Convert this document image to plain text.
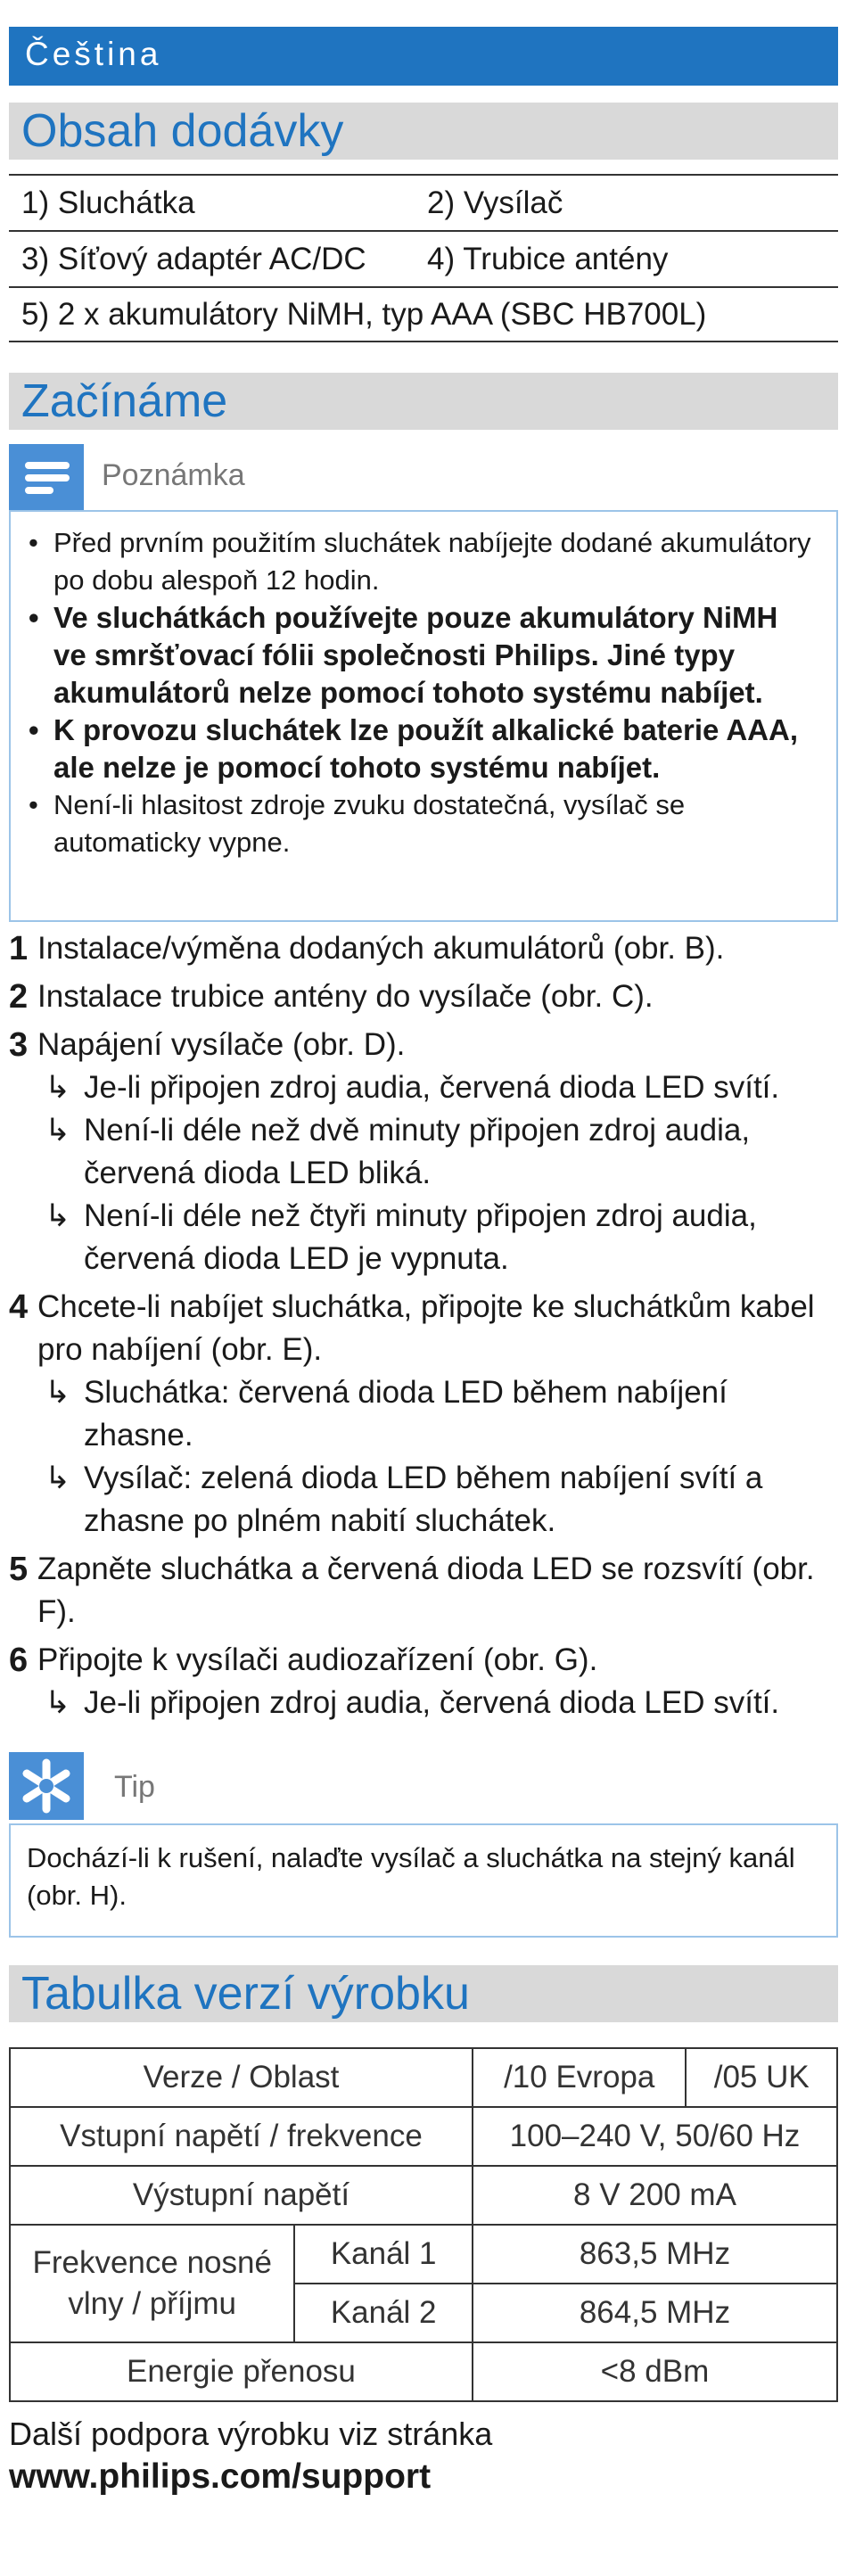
Čeština
Obsah dodávky
1) Sluchátka	2) Vysílač
3) Síťový adaptér AC/DC	4) Trubice antény
5) 2 x akumulátory NiMH, typ AAA (SBC HB700L)
Začínáme
Poznámka
• Před prvním použitím sluchátek nabíjejte dodané akumulátory po dobu alespoň 12 hodin.
• Ve sluchátkách používejte pouze akumulátory NiMH ve smršťovací fólii společnosti Philips. Jiné typy akumulátorů nelze pomocí tohoto systému nabíjet.
• K provozu sluchátek lze použít alkalické baterie AAA, ale nelze je pomocí tohoto systému nabíjet.
• Není-li hlasitost zdroje zvuku dostatečná, vysílač se automaticky vypne.
1 Instalace/výměna dodaných akumulátorů (obr. B).
2 Instalace trubice antény do vysílače (obr. C).
3 Napájení vysílače (obr. D).
↳ Je-li připojen zdroj audia, červená dioda LED svítí.
↳ Není-li déle než dvě minuty připojen zdroj audia, červená dioda LED bliká.
↳ Není-li déle než čtyři minuty připojen zdroj audia, červená dioda LED je vypnuta.
4 Chcete-li nabíjet sluchátka, připojte ke sluchátkům kabel pro nabíjení (obr. E).
↳ Sluchátka: červená dioda LED během nabíjení zhasne.
↳ Vysílač: zelená dioda LED během nabíjení svítí a zhasne po plném nabití sluchátek.
5 Zapněte sluchátka a červená dioda LED se rozsvítí (obr. F).
6 Připojte k vysílači audiozařízení (obr. G).
↳ Je-li připojen zdroj audia, červená dioda LED svítí.
Tip
Dochází-li k rušení, nalaďte vysílač a sluchátka na stejný kanál (obr. H).
Tabulka verzí výrobku
Verze / Oblast		/10 Evropa	/05 UK
Vstupní napětí / frekvence		100–240 V, 50/60 Hz	
Výstupní napětí		8 V 200 mA	
Frekvence nosné vlny / příjmu	Kanál 1	863,5 MHz	
	Kanál 2	864,5 MHz	
Energie přenosu		<8 dBm	
Další podpora výrobku viz stránka
www.philips.com/support
